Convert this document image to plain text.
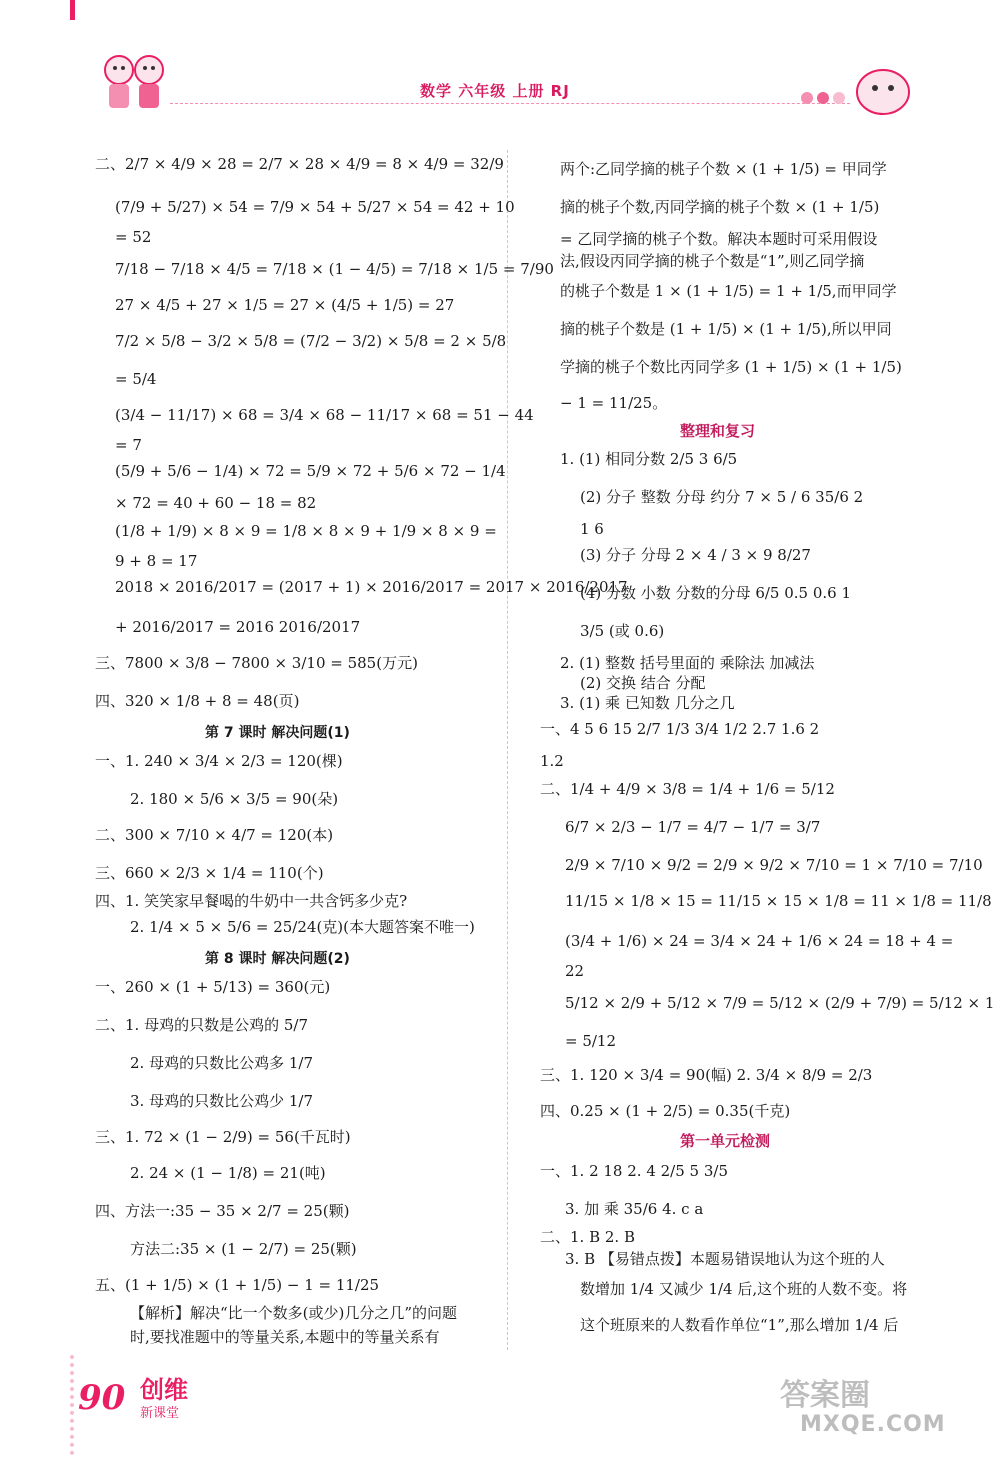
数学 六年级 上册 RJ
二、2/7 × 4/9 × 28 = 2/7 × 28 × 4/9 = 8 × 4/9 = 32/9
(7/9 + 5/27) × 54 = 7/9 × 54 + 5/27 × 54 = 42 + 10
= 52
7/18 − 7/18 × 4/5 = 7/18 × (1 − 4/5) = 7/18 × 1/5 = 7/90
27 × 4/5 + 27 × 1/5 = 27 × (4/5 + 1/5) = 27
7/2 × 5/8 − 3/2 × 5/8 = (7/2 − 3/2) × 5/8 = 2 × 5/8
= 5/4
(3/4 − 11/17) × 68 = 3/4 × 68 − 11/17 × 68 = 51 − 44
= 7
(5/9 + 5/6 − 1/4) × 72 = 5/9 × 72 + 5/6 × 72 − 1/4
× 72 = 40 + 60 − 18 = 82
(1/8 + 1/9) × 8 × 9 = 1/8 × 8 × 9 + 1/9 × 8 × 9 =
9 + 8 = 17
2018 × 2016/2017 = (2017 + 1) × 2016/2017 = 2017 × 2016/2017
+ 2016/2017 = 2016 2016/2017
三、7800 × 3/8 − 7800 × 3/10 = 585(万元)
四、320 × 1/8 + 8 = 48(页)
第 7 课时 解决问题(1)
一、1. 240 × 3/4 × 2/3 = 120(棵)
2. 180 × 5/6 × 3/5 = 90(朵)
二、300 × 7/10 × 4/7 = 120(本)
三、660 × 2/3 × 1/4 = 110(个)
四、1. 笑笑家早餐喝的牛奶中一共含钙多少克?
2. 1/4 × 5 × 5/6 = 25/24(克)(本大题答案不唯一)
第 8 课时 解决问题(2)
一、260 × (1 + 5/13) = 360(元)
二、1. 母鸡的只数是公鸡的 5/7
2. 母鸡的只数比公鸡多 1/7
3. 母鸡的只数比公鸡少 1/7
三、1. 72 × (1 − 2/9) = 56(千瓦时)
2. 24 × (1 − 1/8) = 21(吨)
四、方法一:35 − 35 × 2/7 = 25(颗)
方法二:35 × (1 − 2/7) = 25(颗)
五、(1 + 1/5) × (1 + 1/5) − 1 = 11/25
【解析】解决“比一个数多(或少)几分之几”的问题
时,要找准题中的等量关系,本题中的等量关系有
两个:乙同学摘的桃子个数 × (1 + 1/5) = 甲同学
摘的桃子个数,丙同学摘的桃子个数 × (1 + 1/5)
= 乙同学摘的桃子个数。解决本题时可采用假设
法,假设丙同学摘的桃子个数是“1”,则乙同学摘
的桃子个数是 1 × (1 + 1/5) = 1 + 1/5,而甲同学
摘的桃子个数是 (1 + 1/5) × (1 + 1/5),所以甲同
学摘的桃子个数比丙同学多 (1 + 1/5) × (1 + 1/5)
− 1 = 11/25。
整理和复习
1. (1) 相同分数 2/5 3 6/5
(2) 分子 整数 分母 约分 7 × 5 / 6 35/6 2
1 6
(3) 分子 分母 2 × 4 / 3 × 9 8/27
(4) 分数 小数 分数的分母 6/5 0.5 0.6 1
3/5 (或 0.6)
2. (1) 整数 括号里面的 乘除法 加减法
(2) 交换 结合 分配
3. (1) 乘 已知数 几分之几
一、4 5 6 15 2/7 1/3 3/4 1/2 2.7 1.6 2
1.2
二、1/4 + 4/9 × 3/8 = 1/4 + 1/6 = 5/12
6/7 × 2/3 − 1/7 = 4/7 − 1/7 = 3/7
2/9 × 7/10 × 9/2 = 2/9 × 9/2 × 7/10 = 1 × 7/10 = 7/10
11/15 × 1/8 × 15 = 11/15 × 15 × 1/8 = 11 × 1/8 = 11/8
(3/4 + 1/6) × 24 = 3/4 × 24 + 1/6 × 24 = 18 + 4 =
22
5/12 × 2/9 + 5/12 × 7/9 = 5/12 × (2/9 + 7/9) = 5/12 × 1
= 5/12
三、1. 120 × 3/4 = 90(幅) 2. 3/4 × 8/9 = 2/3
四、0.25 × (1 + 2/5) = 0.35(千克)
第一单元检测
一、1. 2 18 2. 4 2/5 5 3/5
3. 加 乘 35/6 4. c a
二、1. B 2. B
3. B 【易错点拨】本题易错误地认为这个班的人
数增加 1/4 又减少 1/4 后,这个班的人数不变。将
这个班原来的人数看作单位“1”,那么增加 1/4 后
90 创维
新课堂
答案圈
MXQE.COM
